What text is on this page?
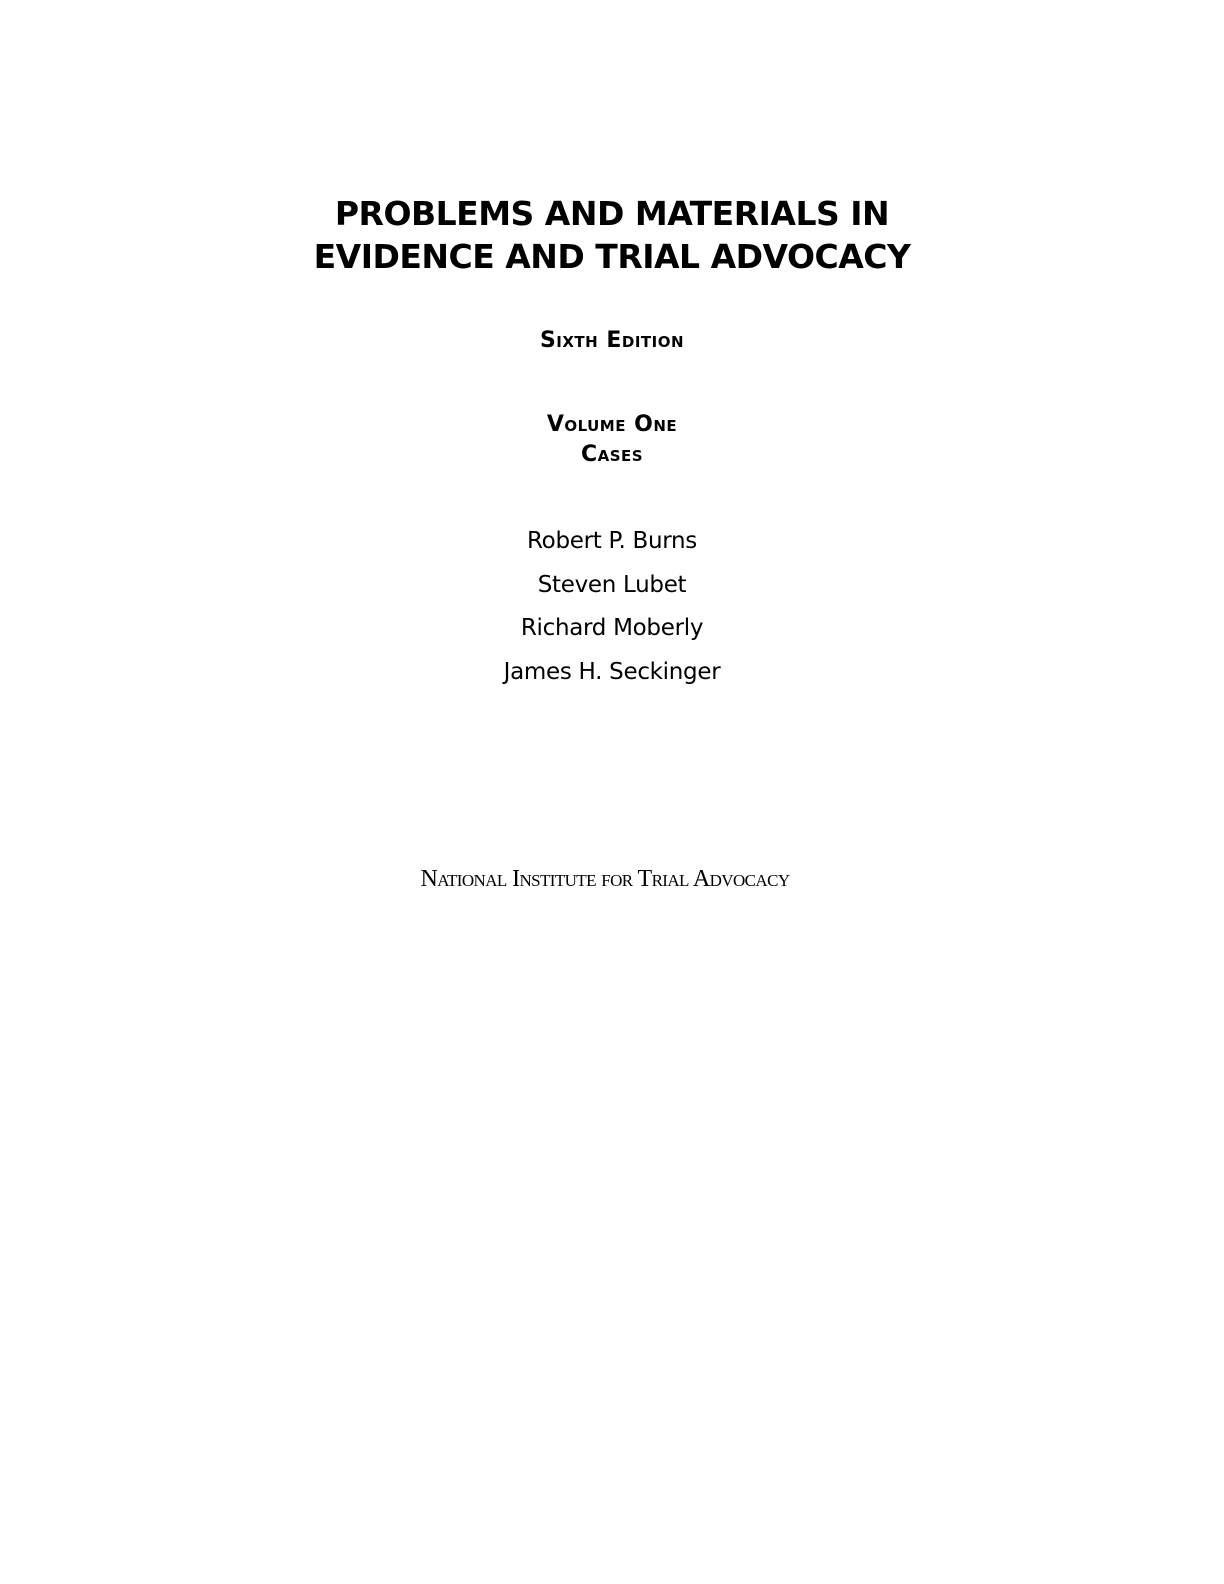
PROBLEMS AND MATERIALS IN
EVIDENCE AND TRIAL ADVOCACY
Sixth Edition
Volume One
Cases
Robert P. Burns
Steven Lubet
Richard Moberly
James H. Seckinger
National Institute for Trial Advocacy
